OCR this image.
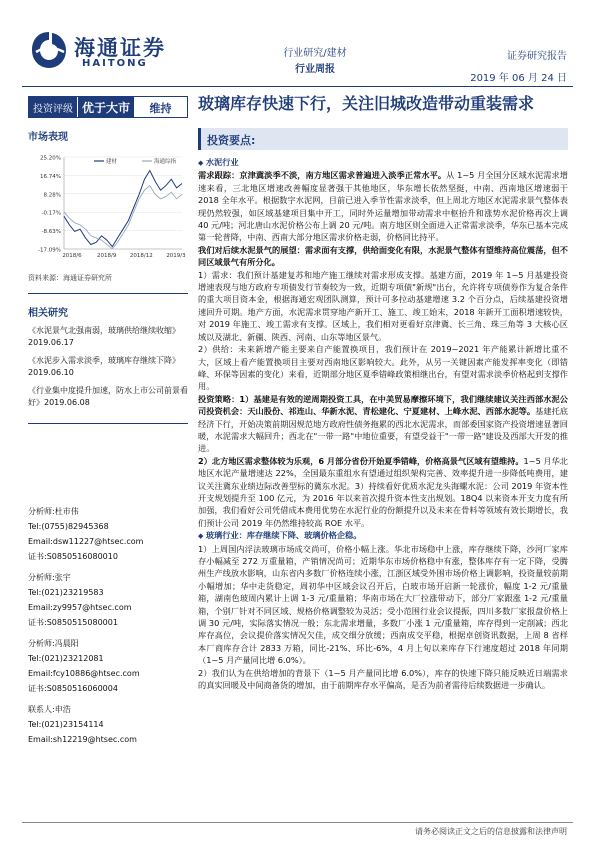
海通证券
HAITONG
行业研究/建材
行业周报
证券研究报告
2019 年 06 月 24 日
投资评级 优于大市	维持
市场表现
25.20%
16.74%
8.28%
-0.17%
-8.63%
-17.09%
2018/6	2018/9 2018/12 2019/3
建材	海通综指
资料来源：海通证券研究所
相关研究
《水泥景气北强南弱，玻璃供给继续收缩》2019.06.17
《水泥步入需求淡季，玻璃库存继续下降》2019.06.10
《行业集中度提升加速，防水上市公司前景看好》2019.06.08
分析师:杜市伟
Tel:(0755)82945368
Email:dsw11227@htsec.com
证书:S0850516080010
分析师:张宇
Tel:(021)23219583
Email:zy9957@htsec.com
证书:S0850515080001
分析师:冯晨阳
Tel:(021)23212081
Email:fcy10886@htsec.com
证书:S0850516060004
联系人:申浩
Tel:(021)23154114
Email:sh12219@htsec.com
玻璃库存快速下行，关注旧城改造带动重装需求
投资要点:

◆ 水泥行业

需求跟踪：京津冀淡季不淡，南方地区需求普遍进入淡季正常水平。从 1~5 月全国分区域水泥需求增速来看，三北地区增速改善幅度显著强于其他地区，华东增长依然坚挺，中南、西南地区增速弱于 2018 全年水平。根据数字水泥网，目前已进入季节性需求淡季，但上周北方地区水泥需求景气整体表现仍然较强，如区域基建项目集中开工，同时外运量增加带动需求中枢抬升和涨势水泥价格再次上调 40 元/吨；河北唐山水泥价格公布上调 20 元/吨。南方地区则全面进入正常需求淡季，华东已基本完成第一轮普降，中南、西南大部分地区需求价格走弱，价格同比持平。

我们对后续水泥景气的展望：需求面有支撑，供给面变化有限，水泥景气整体有望维持高位震荡，但不同区域景气有所分化。

1）需求：我们预计基建复苏和地产施工继续对需求形成支撑。基建方面，2019 年 1~5 月基建投资增速表现与地方政府专项债发行节奏较为一致，近期专项债"新规"出台，允许将专项债券作为复合条件的重大项目资本金，根据海通宏观团队测算，预计可多拉动基建增速 3.2 个百分点，后续基建投资增速回升可期。地产方面，水泥需求贯穿地产新开工、施工、竣工始末，2018 年新开工面积增速较快，对 2019 年施工、竣工需求有支撑。区域上，我们相对更看好京津冀、长三角、珠三角等 3 大核心区域以及湖北、新疆、陕西、河南、山东等地区景气。

2）供给：未来新增产能主要来自产能置换项目，我们预计在 2019~2021 年产能累计新增比重不大，区域上看产能置换项目主要对西南地区影响较大。此外，从另一关键因素产能发挥率变化（即错峰、环保等因素的变化）来看，近期部分地区夏季错峰政策相继出台，有望对需求淡季价格起到支撑作用。

投资策略：1）基建是有效的逆周期投资工具，在中美贸易摩擦环境下，我们继续建议关注西部水泥公司投资机会：天山股份、祁连山、华新水泥、青松建化、宁夏建材、上峰水泥、西部水泥等。基建托底经济下行，开始决策前期因规范地方政府性债务拖累的西北水泥需求，而部委国家资产投资增速显著回暖，水泥需求大幅回升；西北在"一带一路"中地位重要，有望受益于"一带一路"建设及西部大开发的推进。

2）北方地区需求整体较为乐观，6 月部分省份开始夏季错峰，价格高景气区域有望维持。1~5 月华北地区水泥产量增速达 22%，全国最东重组水有望通过组织架构完善、效率提升进一步降低吨费用，建议关注冀东业绩边际改善型标的冀东水泥。3）持续看好优质水泥龙头海螺水泥：公司 2019 年资本性开支规划提升至 100 亿元，为 2016 年以来首次提升资本性支出规划。18Q4 以来资本开支力度有所加强，我们看好公司凭借成本费用优势在水泥行业的份额提升以及未来在骨料等领域有效长期增长，我们预计公司 2019 年仍然维持较高 ROE 水平。

◆ 玻璃行业：库存继续下降、玻璃价格企稳。

1）上周国内浮法玻璃市场成交尚可，价格小幅上涨。华北市场稳中上涨，库存继续下降，沙河厂家库存小幅减至 272 万重量箱，产销情况尚可；近期华东市场价格稳中有涨，整体库存有一定下降，受腾州生产线放水影响，山东省内多数厂价格连续小涨，江浙区域受外围市场价格上调影响，投资量较前期小幅增加；华中走货稳定，周初华中区域会议召开后，白玻市场开启新一轮涨价，幅度 1-2 元/重量箱，湖南色玻周内累计上调 1-3 元/重量箱；华南市场在大厂拉涨带动下，部分厂家跟涨 1-2 元/重量箱，个别厂针对不同区域、规格价格调整较为灵活；受小范围行业会议提振，四川多数厂家报盘价格上调 30 元/吨，实际落实情况一般；东北需求增量，多数厂小涨 1 元/重量箱，库存得到一定削减；西北库存高位，会议提价落实情况欠佳，成交细分放缓；西南成交平稳，根据卓创资讯数据，上周 8 省样本厂商库存合计 2833 万箱，同比-21%、环比-6%，4 月上旬以来库存下行速度超过 2018 年同期（1~5 月产量同比增 6.0%）。

2）我们认为在供给增加的背景下（1~5 月产量同比增 6.0%），库存的快速下降只能反映近日端需求的真实回暖及中间商备货的增加，由于前期库存水平偏高，是否为前者需待后续数据进一步确认。

请务必阅读正文之后的信息披露和法律声明
